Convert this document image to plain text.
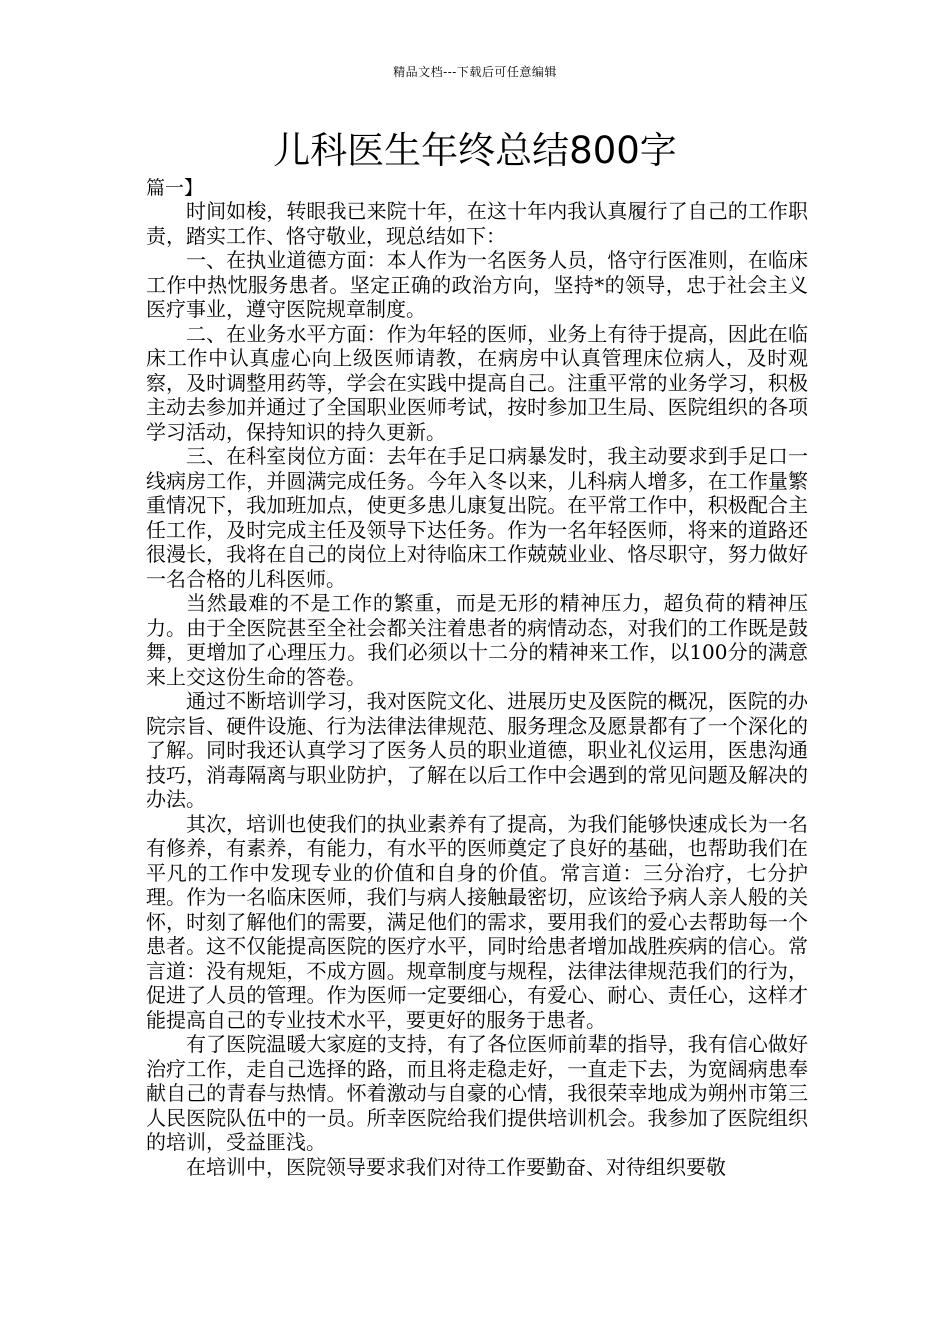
精品文档---下载后可任意编辑
儿科医生年终总结800字
篇一】

时间如梭，转眼我已来院十年，在这十年内我认真履行了自己的工作职责，踏实工作、恪守敬业，现总结如下：

一、在执业道德方面：本人作为一名医务人员，恪守行医准则，在临床工作中热忱服务患者。坚定正确的政治方向，坚持*的领导，忠于社会主义医疗事业，遵守医院规章制度。

二、在业务水平方面：作为年轻的医师，业务上有待于提高，因此在临床工作中认真虚心向上级医师请教，在病房中认真管理床位病人，及时观察，及时调整用药等，学会在实践中提高自己。注重平常的业务学习，积极主动去参加并通过了全国职业医师考试，按时参加卫生局、医院组织的各项学习活动，保持知识的持久更新。

三、在科室岗位方面：去年在手足口病暴发时，我主动要求到手足口一线病房工作，并圆满完成任务。今年入冬以来，儿科病人增多，在工作量繁重情况下，我加班加点，使更多患儿康复出院。在平常工作中，积极配合主任工作，及时完成主任及领导下达任务。作为一名年轻医师，将来的道路还很漫长，我将在自己的岗位上对待临床工作兢兢业业、恪尽职守，努力做好一名合格的儿科医师。

当然最难的不是工作的繁重，而是无形的精神压力，超负荷的精神压力。由于全医院甚至全社会都关注着患者的病情动态，对我们的工作既是鼓舞，更增加了心理压力。我们必须以十二分的精神来工作，以100分的满意来上交这份生命的答卷。

通过不断培训学习，我对医院文化、进展历史及医院的概况，医院的办院宗旨、硬件设施、行为法律法律规范、服务理念及愿景都有了一个深化的了解。同时我还认真学习了医务人员的职业道德，职业礼仪运用，医患沟通技巧，消毒隔离与职业防护，了解在以后工作中会遇到的常见问题及解决的办法。

其次，培训也使我们的执业素养有了提高，为我们能够快速成长为一名有修养，有素养，有能力，有水平的医师奠定了良好的基础，也帮助我们在平凡的工作中发现专业的价值和自身的价值。常言道：三分治疗，七分护理。作为一名临床医师，我们与病人接触最密切，应该给予病人亲人般的关怀，时刻了解他们的需要，满足他们的需求，要用我们的爱心去帮助每一个患者。这不仅能提高医院的医疗水平，同时给患者增加战胜疾病的信心。常言道：没有规矩，不成方圆。规章制度与规程，法律法律规范我们的行为，促进了人员的管理。作为医师一定要细心，有爱心、耐心、责任心，这样才能提高自己的专业技术水平，要更好的服务于患者。

有了医院温暖大家庭的支持，有了各位医师前辈的指导，我有信心做好治疗工作，走自己选择的路，而且将走稳走好，一直走下去，为宽阔病患奉献自己的青春与热情。怀着激动与自豪的心情，我很荣幸地成为朔州市第三人民医院队伍中的一员。所幸医院给我们提供培训机会。我参加了医院组织的培训，受益匪浅。

在培训中，医院领导要求我们对待工作要勤奋、对待组织要敬
